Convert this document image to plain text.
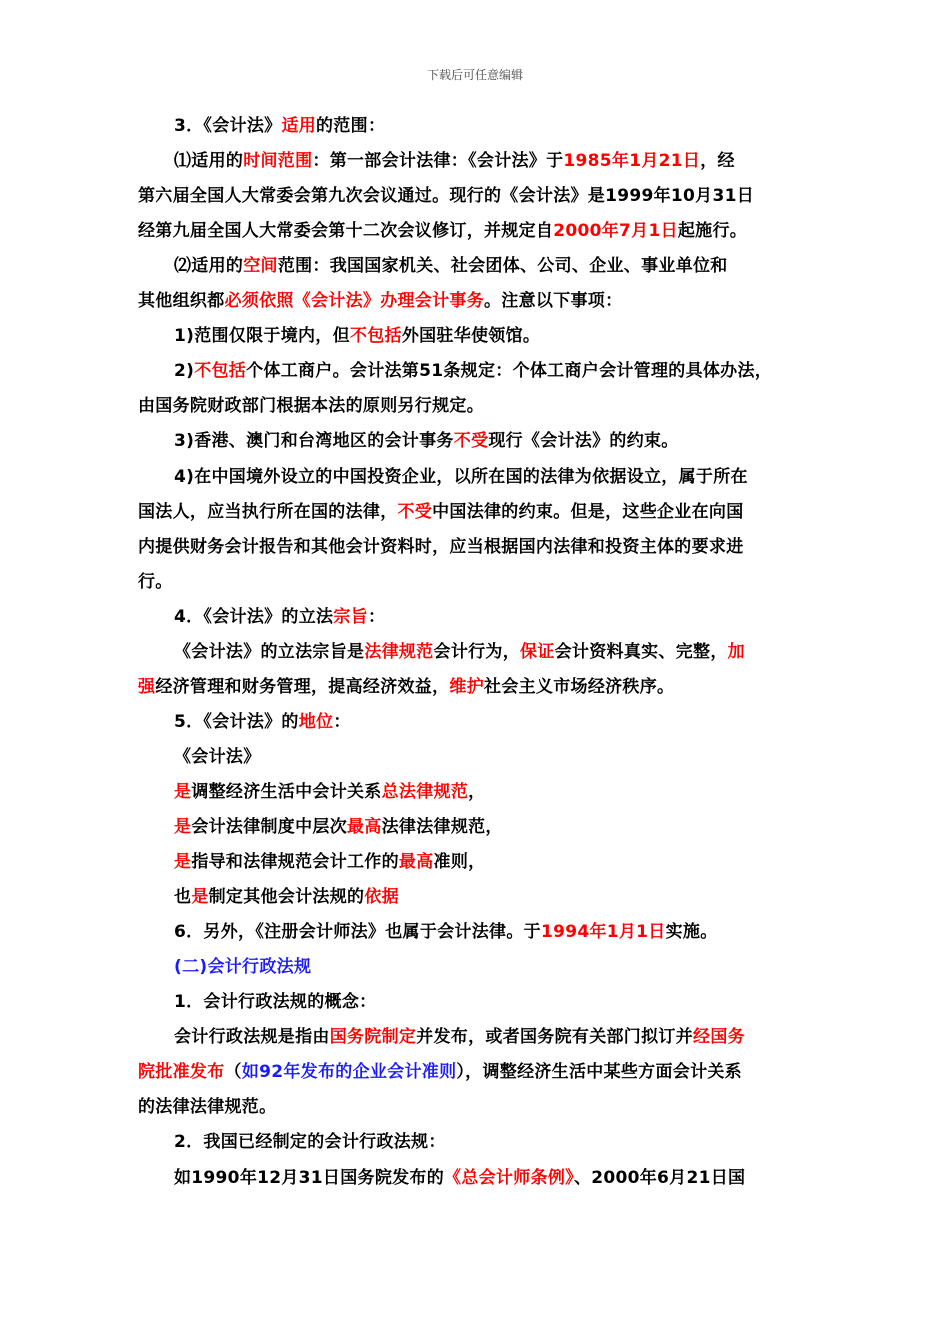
下载后可任意编辑
3．《会计法》适用的范围：
⑴适用的时间范围：第一部会计法律：《会计法》于1985年1月21日，经
第六届全国人大常委会第九次会议通过。现行的《会计法》是1999年10月31日
经第九届全国人大常委会第十二次会议修订，并规定自2000年7月1日起施行。
⑵适用的空间范围：我国国家机关、社会团体、公司、企业、事业单位和
其他组织都必须依照《会计法》办理会计事务。注意以下事项：
1)范围仅限于境内，但不包括外国驻华使领馆。
2)不包括个体工商户。会计法第51条规定：个体工商户会计管理的具体办法，
由国务院财政部门根据本法的原则另行规定。
3)香港、澳门和台湾地区的会计事务不受现行《会计法》的约束。
4)在中国境外设立的中国投资企业，以所在国的法律为依据设立，属于所在
国法人，应当执行所在国的法律，不受中国法律的约束。但是，这些企业在向国
内提供财务会计报告和其他会计资料时，应当根据国内法律和投资主体的要求进
行。
4．《会计法》的立法宗旨：
《会计法》的立法宗旨是法律规范会计行为，保证会计资料真实、完整，加
强经济管理和财务管理，提高经济效益，维护社会主义市场经济秩序。
5．《会计法》的地位：
《会计法》
是调整经济生活中会计关系总法律规范，
是会计法律制度中层次最高法律法律规范，
是指导和法律规范会计工作的最高准则，
也是制定其他会计法规的依据
6．另外，《注册会计师法》也属于会计法律。于1994年1月1日实施。
(二)会计行政法规
1．会计行政法规的概念：
会计行政法规是指由国务院制定并发布，或者国务院有关部门拟订并经国务
院批准发布（如92年发布的企业会计准则），调整经济生活中某些方面会计关系
的法律法律规范。
2．我国已经制定的会计行政法规：
如1990年12月31日国务院发布的《总会计师条例》、2000年6月21日国
